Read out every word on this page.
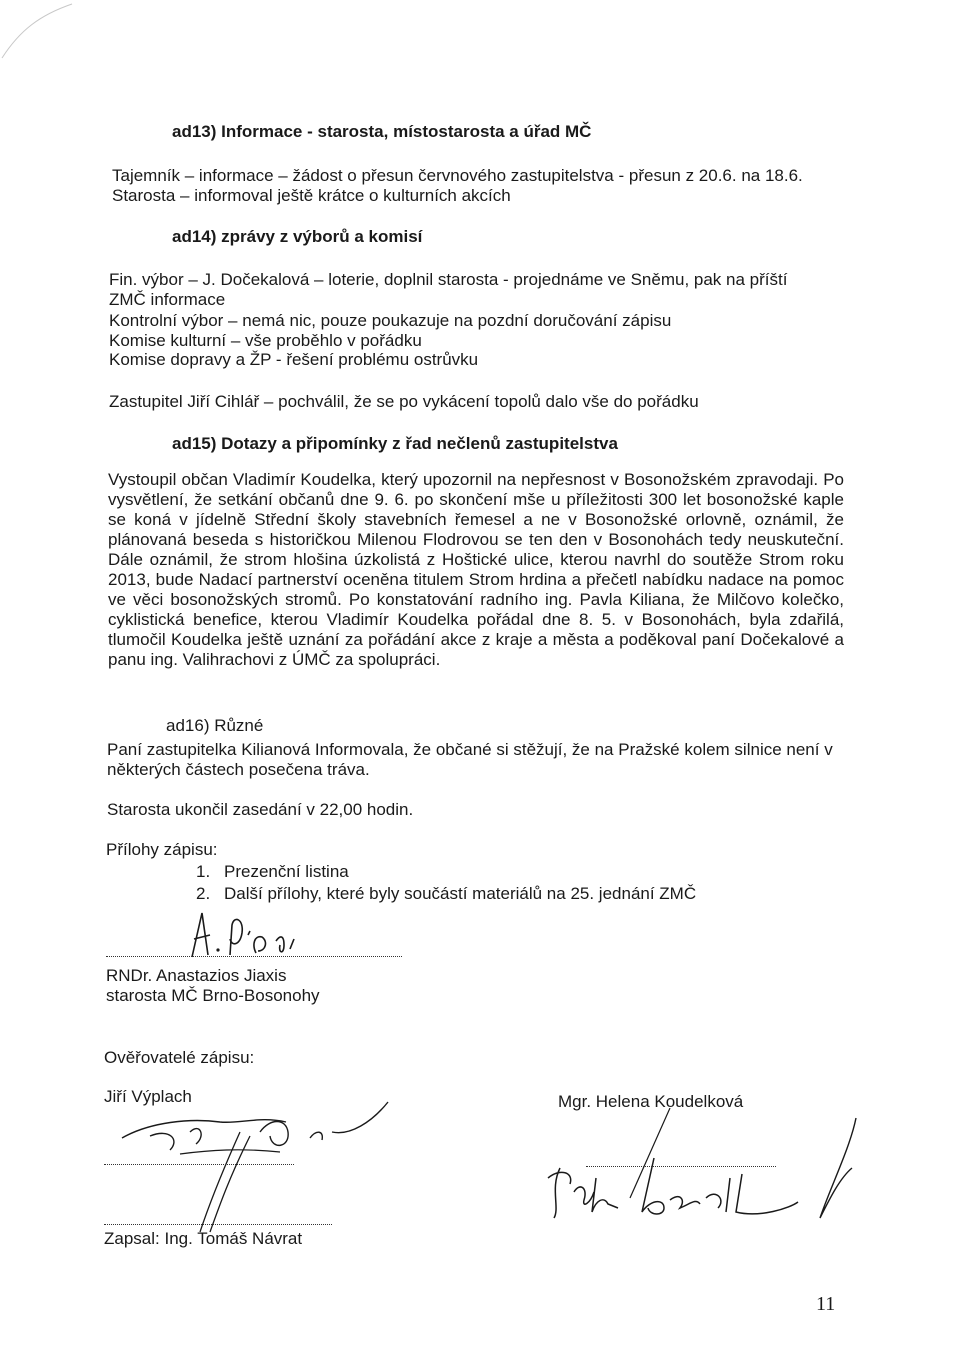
ad13) Informace - starosta, místostarosta a úřad MČ
Tajemník – informace – žádost o přesun červnového zastupitelstva - přesun z 20.6. na 18.6.
Starosta – informoval ještě krátce o kulturních akcích
ad14) zprávy z výborů a komisí
Fin. výbor – J. Dočekalová – loterie, doplnil starosta - projednáme ve Sněmu, pak na příští
ZMČ informace
Kontrolní výbor – nemá nic, pouze poukazuje na pozdní doručování zápisu
Komise kulturní – vše proběhlo v pořádku
Komise dopravy a ŽP - řešení problému ostrůvku
Zastupitel Jiří Cihlář – pochválil, že se po vykácení topolů dalo vše do pořádku
ad15) Dotazy a připomínky z řad nečlenů zastupitelstva
Vystoupil občan Vladimír Koudelka, který upozornil na nepřesnost v Bosonožském zpravodaji. Po vysvětlení, že setkání občanů dne 9. 6. po skončení mše u příležitosti 300 let bosonožské kaple se koná v jídelně Střední školy stavebních řemesel a ne v Bosonožské orlovně, oznámil, že plánovaná beseda s historičkou Milenou Flodrovou se ten den v Bosonohách tedy neuskuteční. Dále oznámil, že strom hlošina úzkolistá z Hoštické ulice, kterou navrhl do soutěže Strom roku 2013, bude Nadací partnerství oceněna titulem Strom hrdina a přečetl nabídku nadace na pomoc ve věci bosonožských stromů. Po konstatování radního ing. Pavla Kiliana, že Milčovo kolečko, cyklistická benefice, kterou Vladimír Koudelka pořádal dne 8. 5. v Bosonohách, byla zdařilá, tlumočil Koudelka ještě uznání za pořádání akce z kraje a města a poděkoval paní Dočekalové a panu ing. Valihrachovi z ÚMČ za spolupráci.
ad16) Různé
Paní zastupitelka Kilianová Informovala, že občané si stěžují, že na Pražské kolem silnice není v některých částech posečena tráva.
Starosta ukončil zasedání v 22,00 hodin.
Přílohy zápisu:
1. Prezenční listina
2. Další přílohy, které byly součástí materiálů na 25. jednání ZMČ
RNDr. Anastazios Jiaxis
starosta MČ Brno-Bosonohy
Ověřovatelé zápisu:
Jiří Výplach	Mgr. Helena Koudelková
Zapsal: Ing. Tomáš Návrat
11
